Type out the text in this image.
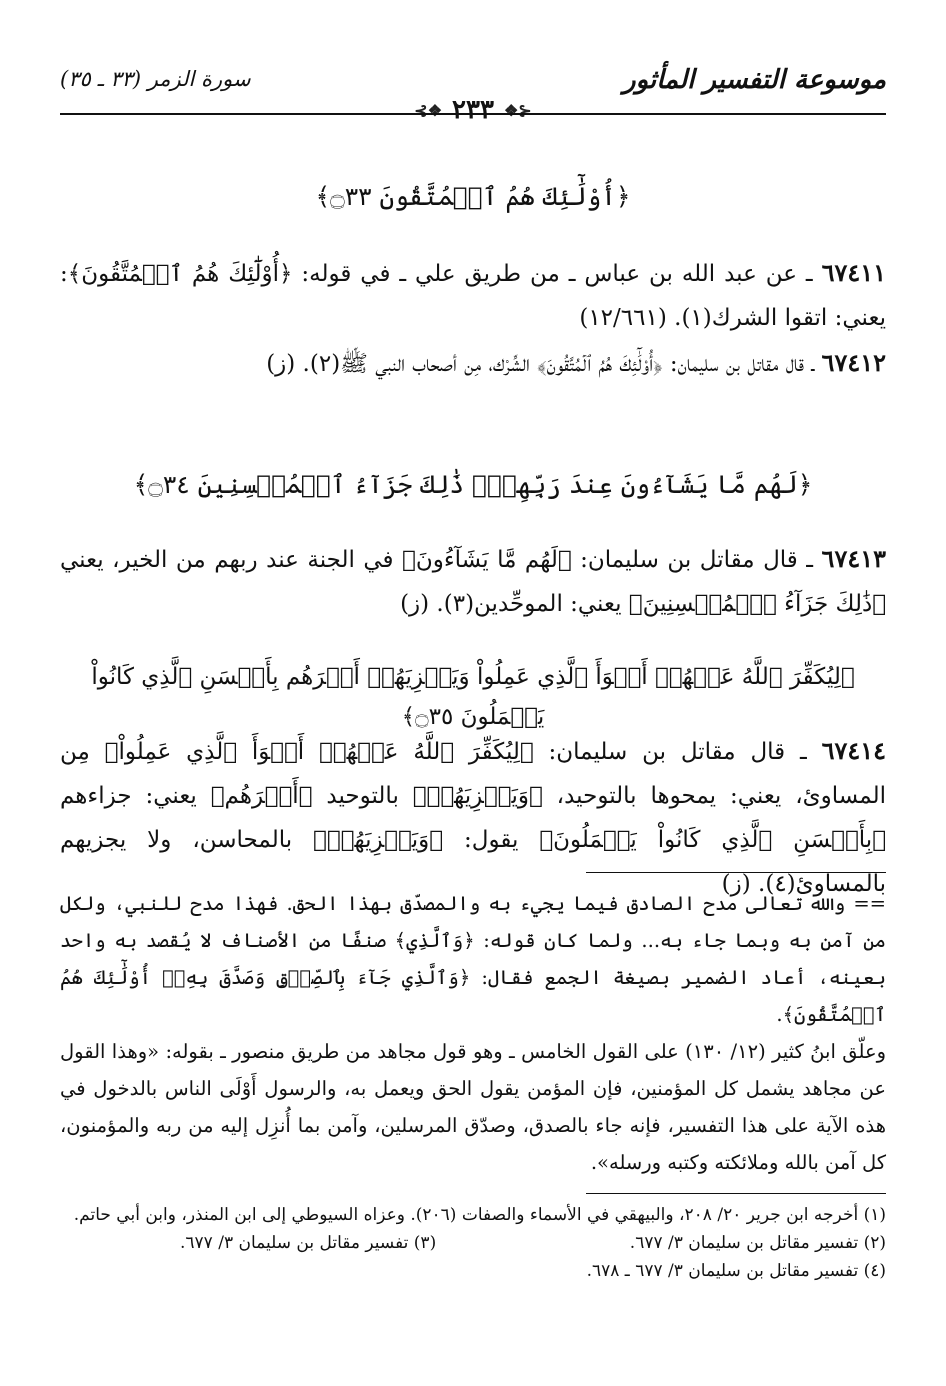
موسوعة التفسير المأثور
سورة الزمر (٣٣ ـ ٣٥)
⊰❖ ٢٣٣ ❖⊱

﴿أُوْلَٰٓئِكَ هُمُ ٱلۡمُتَّقُونَ ۝٣٣﴾

٦٧٤١١ ـ عن عبد الله بن عباس ـ من طريق علي ـ في قوله: ﴿أُوْلَٰٓئِكَ هُمُ ٱلۡمُتَّقُونَ﴾: يعني: اتقوا الشرك(١). (١٢/٦٦١)

٦٧٤١٢ ـ قال مقاتل بن سليمان: ﴿أُوْلَٰٓئِكَ هُمُ ٱلۡمُتَّقُونَ﴾ الشِّرْك، مِن أصحاب النبي ﷺ(٢). (ز)

﴿لَهُم مَّا يَشَآءُونَ عِندَ رَبِّهِمۡۚ ذَٰلِكَ جَزَآءُ ٱلۡمُحۡسِنِينَ ۝٣٤﴾

٦٧٤١٣ ـ قال مقاتل بن سليمان: ﴿لَهُم مَّا يَشَآءُونَ﴾ في الجنة عند ربهم من الخير، يعني ﴿ذَٰلِكَ جَزَآءُ ٱلۡمُحۡسِنِينَ﴾ يعني: الموحِّدين(٣). (ز)

﴿لِيُكَفِّرَ ٱللَّهُ عَنۡهُمۡ أَسۡوَأَ ٱلَّذِي عَمِلُواْ وَيَجۡزِيَهُمۡ أَجۡرَهُم بِأَحۡسَنِ ٱلَّذِي كَانُواْ يَعۡمَلُونَ ۝٣٥﴾

٦٧٤١٤ ـ قال مقاتل بن سليمان: ﴿لِيُكَفِّرَ ٱللَّهُ عَنۡهُمۡ أَسۡوَأَ ٱلَّذِي عَمِلُواْ﴾ مِن المساوئ، يعني: يمحوها بالتوحيد، ﴿وَيَجۡزِيَهُمۡ﴾ بالتوحيد ﴿أَجۡرَهُم﴾ يعني: جزاءهم ﴿بِأَحۡسَنِ ٱلَّذِي كَانُواْ يَعۡمَلُونَ﴾ يقول: ﴿وَيَجۡزِيَهُمۡ﴾ بالمحاسن، ولا يجزيهم بالمساوئ(٤). (ز)

== والله تعالى مدح الصادق فيما يجيء به والمصدّق بهذا الحق. فهذا مدح للنبي، ولكل من آمن به وبما جاء به... ولما كان قوله: ﴿وَٱلَّذِي﴾ صنفًا من الأصناف لا يُقصد به واحد بعينه، أعاد الضمير بصيغة الجمع فقال: ﴿وَٱلَّذِي جَآءَ بِٱلصِّدۡقِ وَصَدَّقَ بِهِۦٓ أُوْلَٰٓئِكَ هُمُ ٱلۡمُتَّقُونَ﴾.

وعلّق ابنُ كثير (١٢/ ١٣٠) على القول الخامس ـ وهو قول مجاهد من طريق منصور ـ بقوله: «وهذا القول عن مجاهد يشمل كل المؤمنين، فإن المؤمن يقول الحق ويعمل به، والرسول أَوْلَى الناس بالدخول في هذه الآية على هذا التفسير، فإنه جاء بالصدق، وصدّق المرسلين، وآمن بما أُنزِل إليه من ربه والمؤمنون، كل آمن بالله وملائكته وكتبه ورسله».

(١) أخرجه ابن جرير ٢٠/ ٢٠٨، والبيهقي في الأسماء والصفات (٢٠٦). وعزاه السيوطي إلى ابن المنذر، وابن أبي حاتم.

(٢) تفسير مقاتل بن سليمان ٣/ ٦٧٧.
(٣) تفسير مقاتل بن سليمان ٣/ ٦٧٧.

(٤) تفسير مقاتل بن سليمان ٣/ ٦٧٧ ـ ٦٧٨.
